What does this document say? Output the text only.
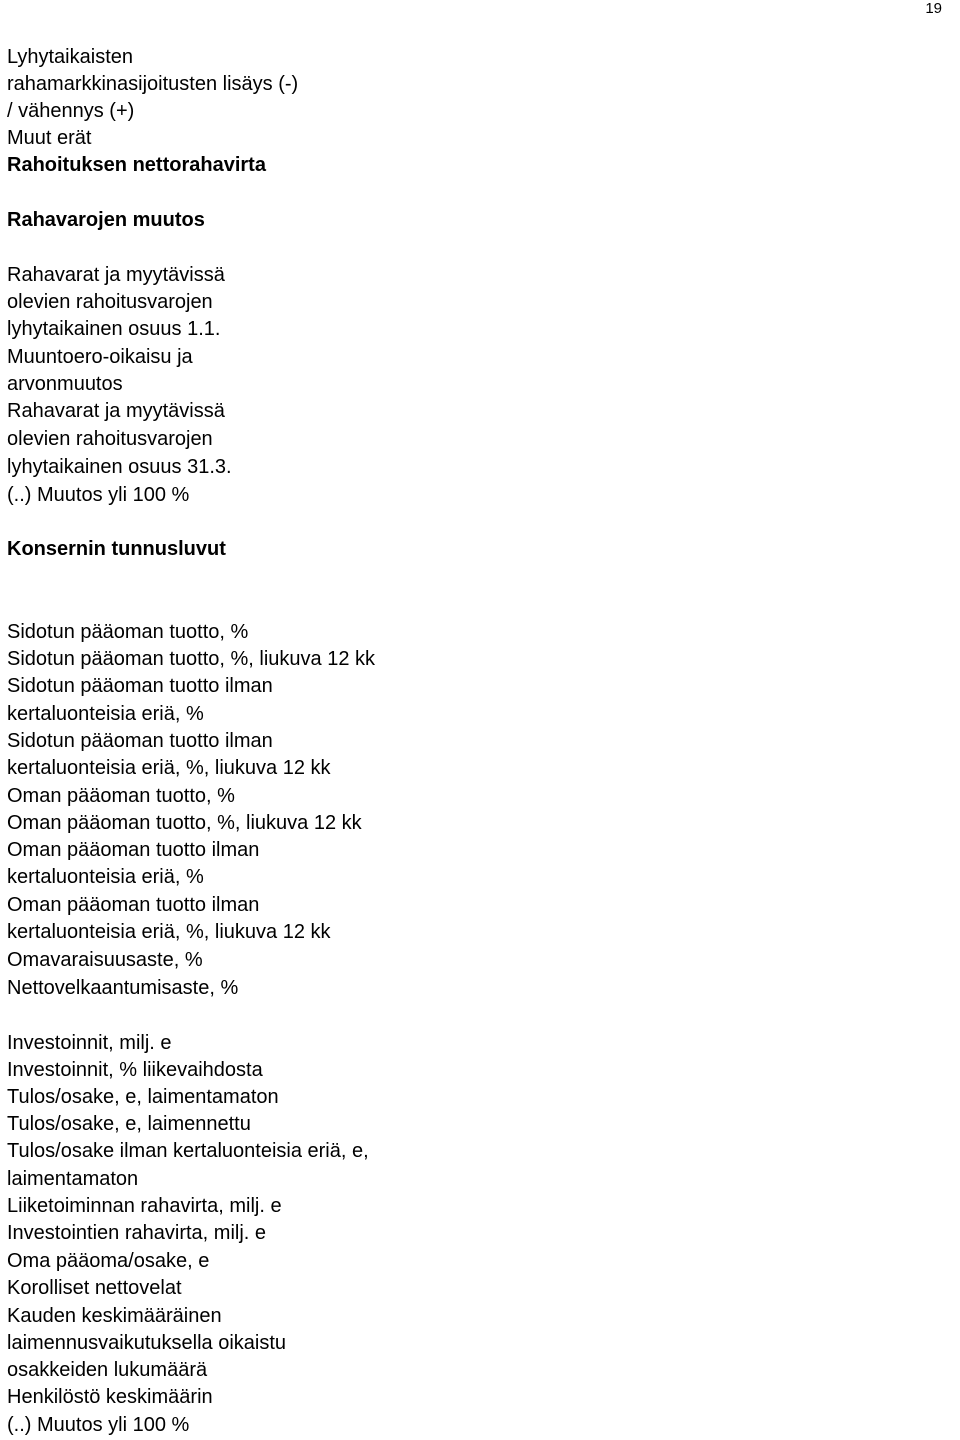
19
Lyhytaikaisten
rahamarkkinasijoitusten lisäys (-)
/ vähennys (+)
Muut erät
Rahoituksen nettorahavirta
Rahavarojen muutos
Rahavarat ja myytävissä
olevien rahoitusvarojen
lyhytaikainen osuus 1.1.
Muuntoero-oikaisu ja
arvonmuutos
Rahavarat ja myytävissä
olevien rahoitusvarojen
lyhytaikainen osuus 31.3.
(..) Muutos yli 100 %
Konsernin tunnusluvut
Sidotun pääoman tuotto, %
Sidotun pääoman tuotto, %, liukuva 12 kk
Sidotun pääoman tuotto ilman
kertaluonteisia eriä, %
Sidotun pääoman tuotto ilman
kertaluonteisia eriä, %, liukuva 12 kk
Oman pääoman tuotto, %
Oman pääoman tuotto, %, liukuva 12 kk
Oman pääoman tuotto ilman
kertaluonteisia eriä, %
Oman pääoman tuotto ilman
kertaluonteisia eriä, %, liukuva 12 kk
Omavaraisuusaste, %
Nettovelkaantumisaste, %
Investoinnit, milj. e
Investoinnit, % liikevaihdosta
Tulos/osake, e, laimentamaton
Tulos/osake, e, laimennettu
Tulos/osake ilman kertaluonteisia eriä, e,
laimentamaton
Liiketoiminnan rahavirta, milj. e
Investointien rahavirta, milj. e
Oma pääoma/osake, e
Korolliset nettovelat
Kauden keskimääräinen
laimennusvaikutuksella oikaistu
osakkeiden lukumäärä
Henkilöstö keskimäärin
(..) Muutos yli 100 %
